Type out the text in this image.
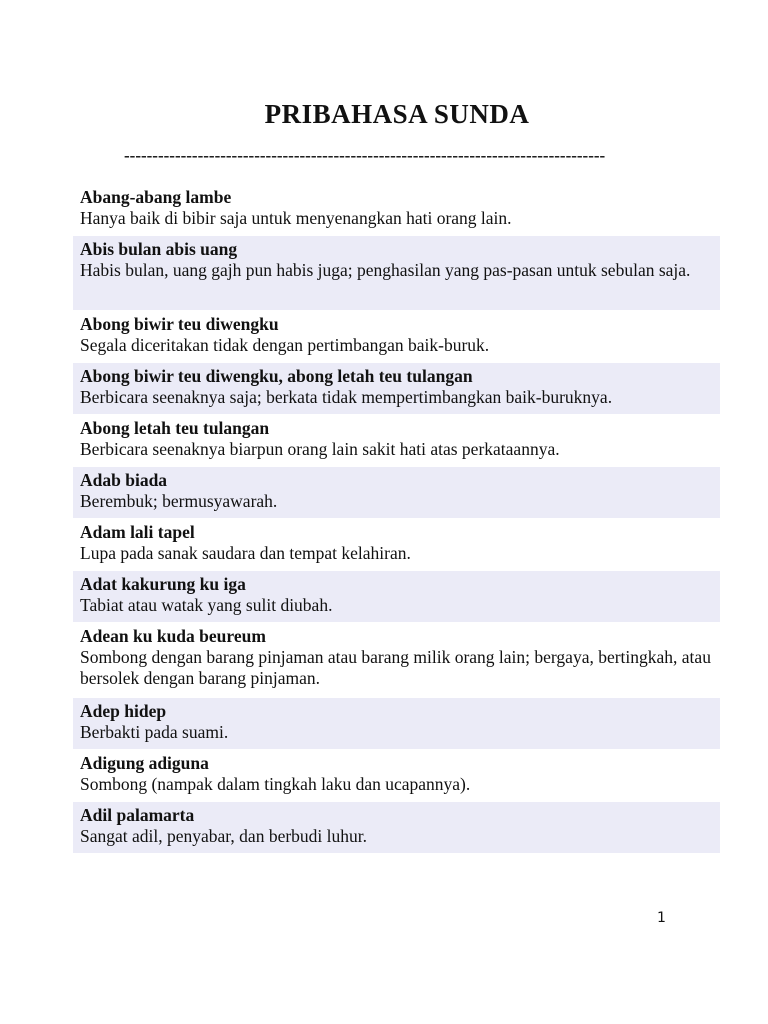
PRIBAHASA SUNDA
-------------------------------------------------------------------------------------

Abang-abang lambe

Hanya baik di bibir saja untuk menyenangkan hati orang lain.

Abis bulan abis uang

Habis bulan, uang gajh pun habis juga; penghasilan yang pas-pasan untuk sebulan saja.

Abong biwir teu diwengku

Segala diceritakan tidak dengan pertimbangan baik-buruk.

Abong biwir teu diwengku, abong letah teu tulangan

Berbicara seenaknya saja; berkata tidak mempertimbangkan baik-buruknya.

Abong letah teu tulangan

Berbicara seenaknya biarpun orang lain sakit hati atas perkataannya.

Adab biada

Berembuk; bermusyawarah.

Adam lali tapel

Lupa pada sanak saudara dan tempat kelahiran.

Adat kakurung ku iga

Tabiat atau watak yang sulit diubah.

Adean ku kuda beureum

Sombong dengan barang pinjaman atau barang milik orang lain; bergaya, bertingkah, atau bersolek dengan barang pinjaman.

Adep hidep

Berbakti pada suami.

Adigung adiguna

Sombong (nampak dalam tingkah laku dan ucapannya).

Adil palamarta

Sangat adil, penyabar, dan berbudi luhur.

1
